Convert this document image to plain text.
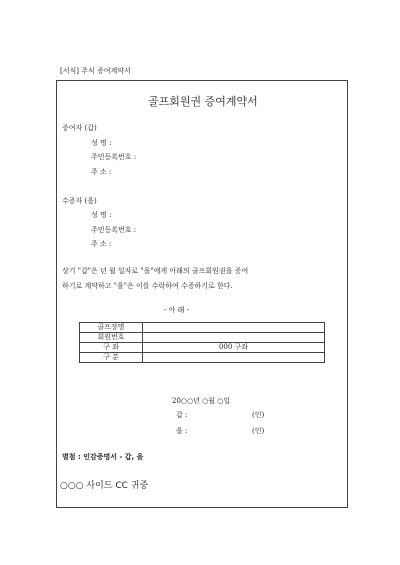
[서식] 주식 증여계약서
골프회원권 증여계약서
증여자 (갑)
성 명 :
주민등록번호 :
주 소 :
수증자 (을)
성 명 :
주민등록번호 :
주 소 :
상기 "갑"은 년 월 일자로 "을"에게 아래의 골프회원권을 증여
하기로 계약하고 "을"은 이를 수락하여 수증하기로 한다.
- 아 래 -
골프장명	
회원번호	
구 좌	000 구좌
구 분	
20○○년 ○월 ○일
갑 :	(인)
을 :	(인)
별첨 : 인감증명서 - 갑, 을
○○○ 사이드 CC 귀중
